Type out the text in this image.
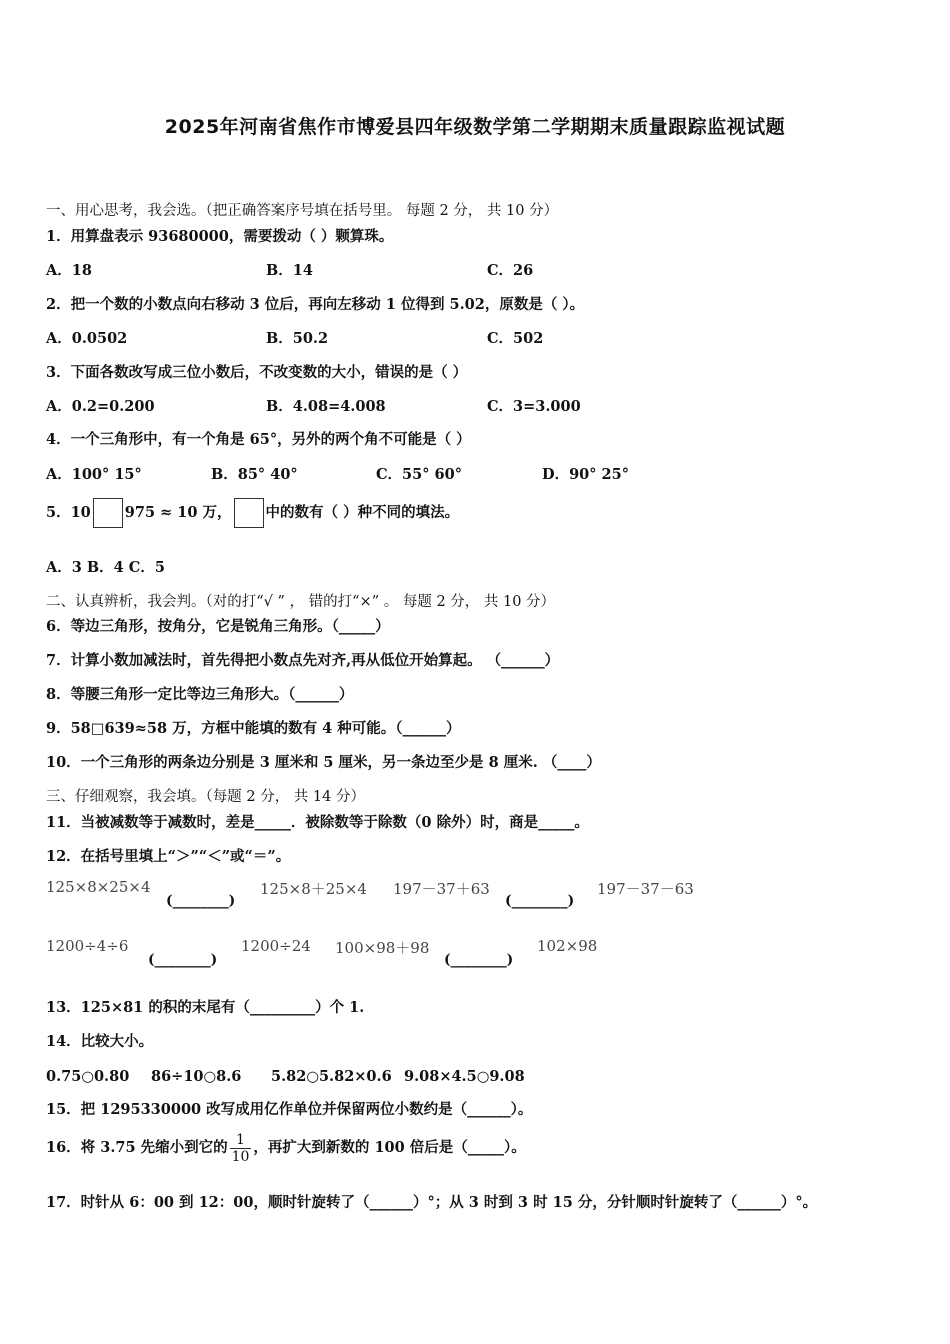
2025年河南省焦作市博爱县四年级数学第二学期期末质量跟踪监视试题
一、用心思考，我会选。（把正确答案序号填在括号里。 每题 2 分， 共 10 分）
1．用算盘表示 93680000，需要拨动（ ）颗算珠。
A．18	B．14	C．26
2．把一个数的小数点向右移动 3 位后，再向左移动 1 位得到 5.02，原数是（ ）。
A．0.0502	B．50.2	C．502
3．下面各数改写成三位小数后，不改变数的大小，错误的是（ ）
A．0.2=0.200	B．4.08=4.008	C．3=3.000
4．一个三角形中，有一个角是 65°，另外的两个角不可能是（ ）
A．100° 15°	B．85° 40°	C．55° 60°	D．90° 25°
5．10 975 ≈ 10 万， 中的数有（ ）种不同的填法。
A．3 B．4 C．5
二、认真辨析，我会判。（对的打“√ ” ， 错的打“×” 。 每题 2 分， 共 10 分）
6．等边三角形，按角分，它是锐角三角形。（_____）
7．计算小数加减法时，首先得把小数点先对齐,再从低位开始算起。 （______）
8．等腰三角形一定比等边三角形大。（______）
9．58□639≈58 万，方框中能填的数有 4 种可能。（______）
10．一个三角形的两条边分别是 3 厘米和 5 厘米，另一条边至少是 8 厘米. （____）
三、仔细观察，我会填。（每题 2 分， 共 14 分）
11．当被减数等于减数时，差是_____．被除数等于除数（0 除外）时，商是_____。
12．在括号里填上“＞”“＜”或“＝”。
125×8×25×4
(________)
125×8＋25×4 197－37＋63
(________)
197－37－63
1200÷4÷6
(________)
1200÷24 100×98＋98
(________)
102×98
13．125×81 的积的末尾有（_________）个 1.
14．比较大小。
0.75○0.80 86÷10○8.6 5.82○5.82×0.6 9.08×4.5○9.08
15．把 1295330000 改写成用亿作单位并保留两位小数约是（______）。
16．将 3.75 先缩小到它的 $\frac{1}{10}$ ，再扩大到新数的 100 倍后是（_____）。
17．时针从 6：00 到 12：00，顺时针旋转了（______）°；从 3 时到 3 时 15 分，分针顺时针旋转了（______）°。
